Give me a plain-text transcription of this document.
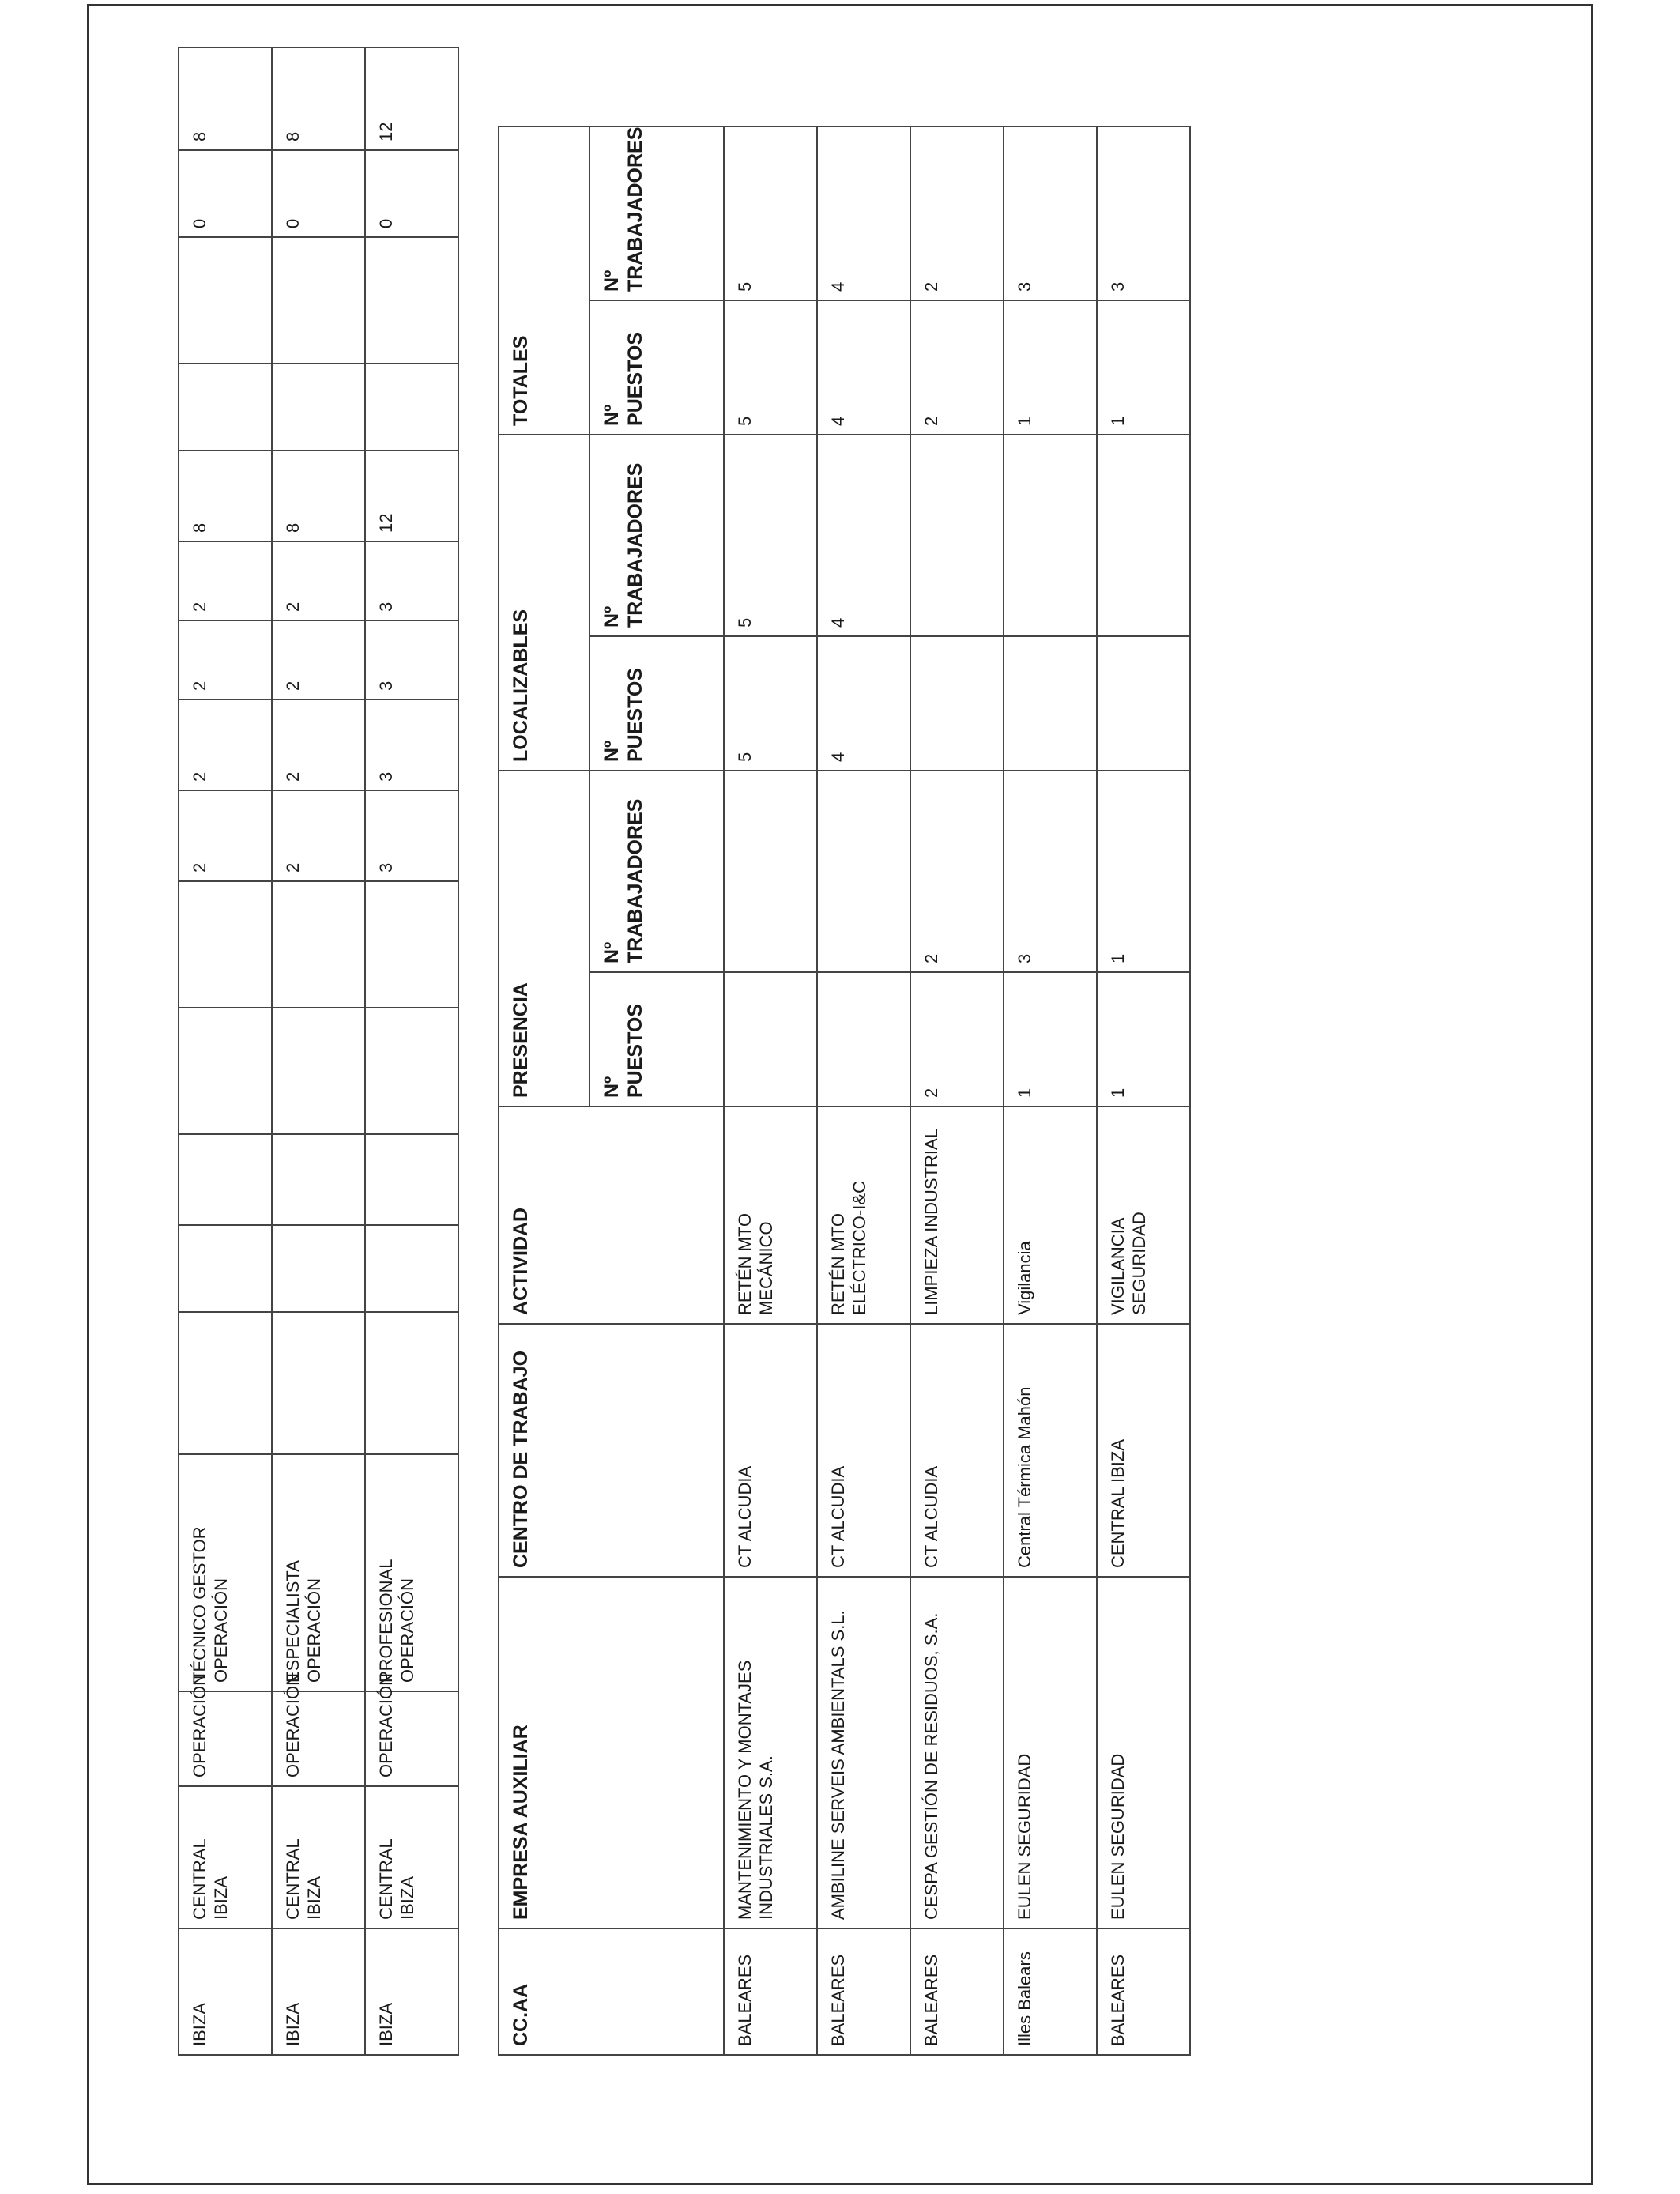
IBIZA	CENTRAL IBIZA	OPERACIÓN	TÉCNICO GESTOR OPERACIÓN						2	2	2	2	8			0	8
IBIZA	CENTRAL IBIZA	OPERACIÓN	ESPECIALISTA OPERACIÓN						2	2	2	2	8			0	8
IBIZA	CENTRAL IBIZA	OPERACIÓN	PROFESIONAL OPERACIÓN						3	3	3	3	12			0	12
CC.AA	EMPRESA AUXILIAR	CENTRO DE TRABAJO	ACTIVIDAD	PRESENCIA		LOCALIZABLES		TOTALES	
				Nº PUESTOS	Nº TRABAJADORES	Nº PUESTOS	Nº TRABAJADORES	Nº PUESTOS	Nº TRABAJADORES
BALEARES	MANTENIMIENTO Y MONTAJES INDUSTRIALES S.A.	CT ALCUDIA	RETÉN MTO MECÁNICO			5	5	5	5
BALEARES	AMBILINE SERVEIS AMBIENTALS S.L.	CT ALCUDIA	RETÉN MTO ELÉCTRICO-I&C			4	4	4	4
BALEARES	CESPA GESTIÓN DE RESIDUOS, S.A.	CT ALCUDIA	LIMPIEZA INDUSTRIAL	2	2			2	2
Illes Balears	EULEN SEGURIDAD	Central Térmica Mahón	Vigilancia	1	3			1	3
BALEARES	EULEN SEGURIDAD	CENTRAL IBIZA	VIGILANCIA SEGURIDAD	1	1			1	3
